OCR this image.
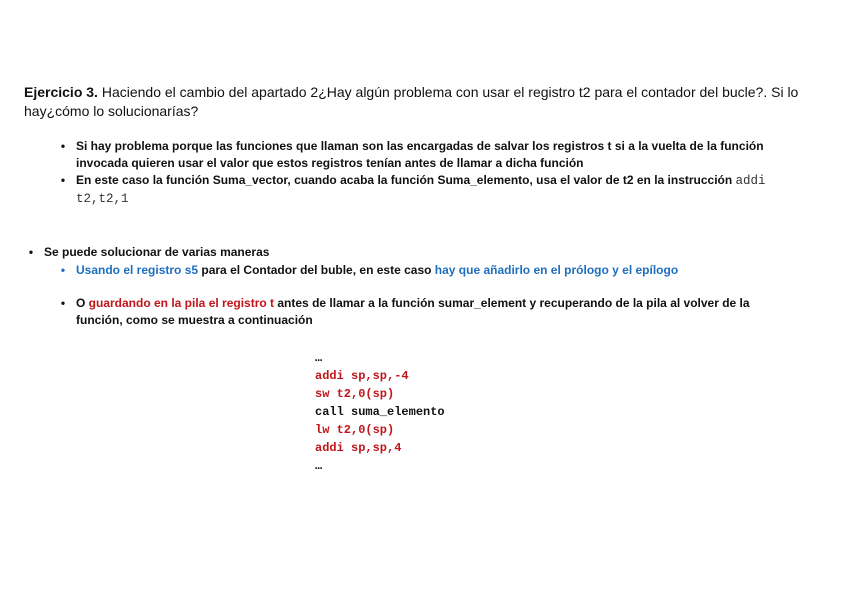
Ejercicio 3. Haciendo el cambio del apartado 2¿Hay algún problema con usar el registro t2 para el contador del bucle?. Si lo hay¿cómo lo solucionarías?
• Si hay problema porque las funciones que llaman son las encargadas de salvar los registros t si a la vuelta de la función invocada quieren usar el valor que estos registros tenían antes de llamar a dicha función
• En este caso la función Suma_vector, cuando acaba la función Suma_elemento, usa el valor de t2 en la instrucción addi t2,t2,1
• Se puede solucionar de varias maneras
• Usando el registro s5 para el Contador del buble, en este caso hay que añadirlo en el prólogo y el epílogo
• O guardando en la pila el registro t antes de llamar a la función sumar_element y recuperando de la pila al volver de la función, como se muestra a continuación
…
addi sp,sp,-4
sw t2,0(sp)
call suma_elemento
lw t2,0(sp)
addi sp,sp,4
…
